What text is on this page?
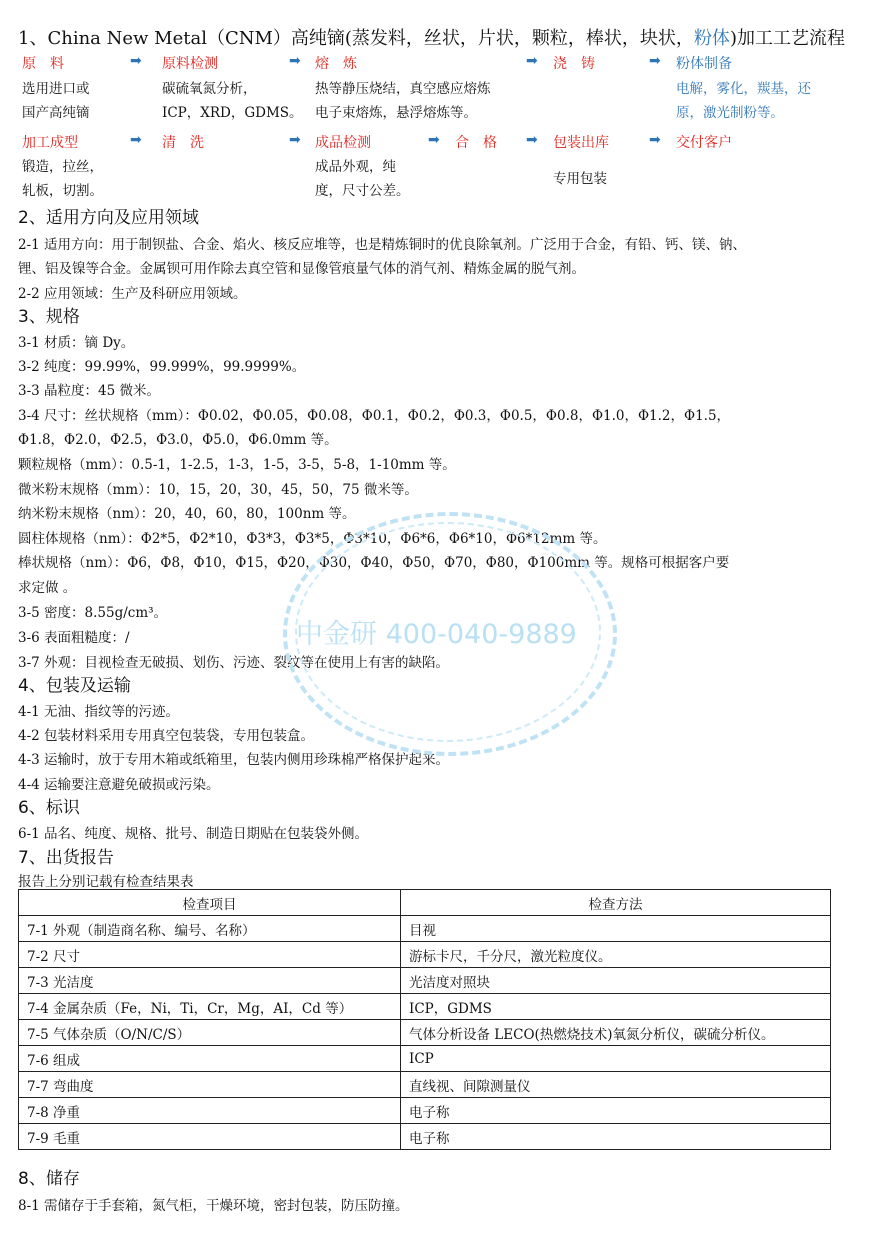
1、China New Metal（CNM）高纯镝(蒸发料，丝状，片状，颗粒，棒状，块状，粉体)加工工艺流程
原　料	➡ 原料检测	➡ 熔　炼	➡ 浇　铸	➡ 粉体制备
选用进口或
国产高纯镝
碳硫氧氮分析，
ICP，XRD，GDMS。
热等静压烧结，真空感应熔炼
电子束熔炼，悬浮熔炼等。
电解，雾化，羰基，还
原，激光制粉等。
加工成型	➡ 清　洗	➡ 成品检测	➡ 合　格 ➡ 包装出库	➡ 交付客户
锻造，拉丝，
轧板，切割。
成品外观，纯
度，尺寸公差。
专用包装
2、适用方向及应用领域
2-1 适用方向：用于制钡盐、合金、焰火、核反应堆等，也是精炼铜时的优良除氧剂。广泛用于合金，有铅、钙、镁、钠、
锂、铝及镍等合金。金属钡可用作除去真空管和显像管痕量气体的消气剂、精炼金属的脱气剂。
2-2 应用领域：生产及科研应用领域。
3、规格
3-1 材质：镝 Dy。
3-2 纯度：99.99%，99.999%，99.9999%。
3-3 晶粒度：45 微米。
3-4 尺寸：丝状规格（mm）：Φ0.02，Φ0.05，Φ0.08，Φ0.1，Φ0.2，Φ0.3，Φ0.5，Φ0.8，Φ1.0，Φ1.2，Φ1.5，
Φ1.8，Φ2.0，Φ2.5，Φ3.0，Φ5.0，Φ6.0mm 等。
颗粒规格（mm）：0.5-1，1-2.5，1-3，1-5，3-5，5-8，1-10mm 等。
微米粉末规格（mm）：10，15，20，30，45，50，75 微米等。
纳米粉末规格（nm）：20，40，60，80，100nm 等。
圆柱体规格（nm）：Φ2*5，Φ2*10，Φ3*3，Φ3*5，Φ3*10，Φ6*6，Φ6*10，Φ6*12mm 等。
棒状规格（nm）：Φ6，Φ8，Φ10，Φ15，Φ20，Φ30，Φ40，Φ50，Φ70，Φ80，Φ100mm 等。规格可根据客户要
求定做 。
3-5 密度：8.55g/cm³。
3-6 表面粗糙度：/
3-7 外观：目视检查无破损、划伤、污迹、裂纹等在使用上有害的缺陷。
4、包装及运输
4-1 无油、指纹等的污迹。
4-2 包装材料采用专用真空包装袋，专用包装盒。
4-3 运输时，放于专用木箱或纸箱里，包装内侧用珍珠棉严格保护起来。
4-4 运输要注意避免破损或污染。
6、标识
6-1 品名、纯度、规格、批号、制造日期贴在包装袋外侧。
7、出货报告
报告上分别记载有检查结果表
检查项目	检查方法
7-1 外观（制造商名称、编号、名称）	目视
7-2 尺寸	游标卡尺，千分尺，激光粒度仪。
7-3 光洁度	光洁度对照块
7-4 金属杂质（Fe，Ni，Ti，Cr，Mg，AI，Cd 等）	ICP，GDMS
7-5 气体杂质（O/N/C/S）	气体分析设备 LECO(热燃烧技术)氧氮分析仪，碳硫分析仪。
7-6 组成	ICP
7-7 弯曲度	直线视、间隙测量仪
7-8 净重	电子称
7-9 毛重	电子称
8、储存
8-1 需储存于手套箱，氮气柜，干燥环境，密封包装，防压防撞。
中金研 400-040-9889
